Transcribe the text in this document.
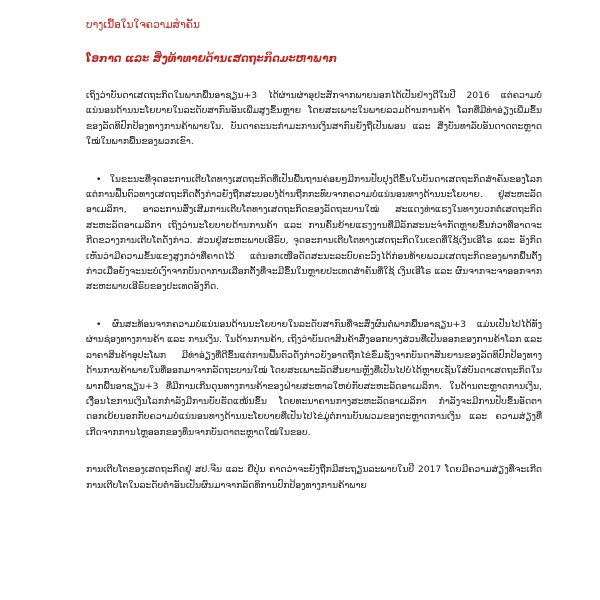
ບາງເນື້ອໃນໃຈຄວາມສຳຄັນ
ໂອກາດ ແລະ ສິ່ງທ້າທາຍດ້ານເສດຖະກິດມະຫາພາກ

ເຖິງວ່າບັນດາເສດຖະກິດໃນພາກພື້ນອາຊຽນ+3 ໄດ້ຜ່ານຜ່າອຸປະສັກຈາກພາຍນອກໄດ້ເປັນຢ່າງດີໃນປີ 2016 ແຕ່ຄວາມບໍ່ແນ່ນອນດ້ານນະໂຍບາຍໃນລະດັບສາກົນອັນເພີ່ມສູງຂຶ້ນຫຼາຍ ໂດຍສະເພາະໃນພາຍລວມດ້ານການຄ້າ ໂລກທີ່ມີທ່າອ່ຽງເພີ່ມຂຶ້ນຂອງລັດທິປົກປ້ອງທາງການຄ້າພາຍໃນ. ບັນດາຄະນະກຳມະການເງິນສາກົນຍັງຖືເປັນພອນ ແລະ ສິ່ງບັນທາລັບອັນດາດຕະຫຼາດໃໝ່ໃນພາກພື້ນຂອງພວກເຂົາ.

• ໃນຂະນະທີ່ຈຸດອະການເຕີບໂຕທາງເສດຖະກິດທີ່ເປັນພື້ນຖານຄ່ອຍໆມີການປັບປຸງດີຂຶ້ນໃນບັນດາເສດຖະກິດສຳຄັນຂອງໂລກແຕ່ການຟື້ນຕົວທາງເສດຖະກິດຕັ້ງກ່າວຍັງຖືກສະບອບງໍ່ດ້ານຖືກກະທົບຈາກຄວາມບໍ່ແນ່ນອນທາງດ້ານນະໂຍບາຍ. ຢູ່ສະຫະລັດອາເມລິກາ, ອາລະການສົ່ງເສີມການເຕີບໂຕທາງເສດຖະກິດຂອງລັດຖະບານໃໝ່ ສະແດງທ່າແຮງໃນທາງບວກຕໍ່ເສດຖະກິດສະຫະລັດອາເມລິກາ ເຖິງວ່ານະໂຍບາຍດ້ານການຄ້າ ແລະ ການຄົ້ນຍ້າຍແຮງງານທີ່ມີລັກສະນະຈຳກັດຫຼາຍຂຶ້ນກ່ວາທີ່ອາດຈະກີດຂວາງການເຕີບໂຕດັ່ງກ່າວ. ສ່ວນຢູ່ສະຫະພາບເອີຣົບ, ຈຸດອະການເຕີບໂຕທາງເສດຖະກິດໃນເຂດທີ່ໃຊ້ເງິນເອີໂຣ ແລະ ອັງກິດ ເຫັນວ່າມີຄວາມຂັ້ນແຂງສູງກວ່າທີ່ຄາດໄວ້ ແຕ່ນອກເໜືອດັດສະນະລະບົບຄະວົງໄດ້ກ່ອນທ້າຍພວມເສດຖະກິດຂອງພາກພື້ນຕັ້ງກ່າວເມື່ອຍັງຈະນະບໍເງົາຈາກບັນດາການເລືອກຕັ້ງທີ່ຈະມີຂຶ້ນໃນຫຼາຍປະເທດສຳຄັນທີ່ໃຊ້ ເງິນເອີໂຣ ແລະ ຜົນຈາກຈະຈາອອກຈາກສະຫະພາບເອີຣົບຂອງປະເທດອັງກິດ.

• ຜົນສະທ້ອນຈາກຄວາມບໍ່ແນ່ນອນດ້ານນະໂຍບາຍໃນລະດັບສາກົນທີ່ຈະສົ່ງຜົນຕໍ່ພາກພື້ນອາຊຽນ+3 ແມ່ນເປັນໄປໄດ້ທັງຜ່ານຊ່ອງທາງການຄ້າ ແລະ ການເງິນ. ໃນດ້ານການຄ້າ, ເຖິງວ່າບັນດາສິນຄ້າສົ່ງອອກບາງສ່ວນທີ່ເປັນອອກຂອງການຄ້າໂລກ ແລະ ລາຄາສິນຄ້າອຸປະໂພກ ມີທ່າອ່ຽງທີ່ດີຂຶ້ນແຕ່ການຟື້ນຕົວດັ່ງກ່າວຍັງອາດຖືກໄຂ່ຂົ່ມຊັ່ງຈາກບັນດາສັນຍານຂອງລັດທິປົກປ້ອງທາງດ້ານການຄ້າພາຍໃນທີ່ອອກມາຈາກລັດຖະບານໃໝ່ ໂດຍສະເພາະລັດສີນຍານຫຼັງທີ່ເປັນໄປບໍ່ໄດ້ຫຼາຍເຊັ່ນໃສ່ບັນດາເສດຖະກິດໃນພາກພື້ນອາຊຽນ+3 ທີ່ມີການເກີນດຸນທາງການຄ້າຂອງຝ່າຍສະຫາລໃຫຍ່ກັບສະຫະລັດອາເມລິກາ. ໃນດ້ານຕະຫຼາດການເງິນ, ເງື່ອນໄຂການເງິນໂລກກຳລັງມີການບັບຮັດແໜ້ນຂຶ້ນ ໂດຍທະນາຄານກາງສະຫະລັດອາເມລິກາ ກຳລັງຈະມີການປັບຂຶ້ນອັດຕາດອກເບ້ຍນອກກັບຄວາມບໍ່ແນ່ນອນທາງດ້ານນະໂຍບາຍທີ່ເປັນໄປໄຂ່ມູ່ຕໍ່ການບັນພວມຂອງຕະຫຼາດການເງິນ ແລະ ຄວາມສ່ຽງທີ່ເກີດຈາກການໄຫຼອອກຂອງທຶນຈາກບັນດາຕະຫຼາດໃໝ່ໃນຂອບ.

ການເຕີບໂຕຂອງເສດຖະກິດຢູ່ ສປ.ຈີນ ແລະ ຍີ່ປຸ່ນ ຄາດວ່າຈະຍັງຖືກມີສະຖຽນລະພາບໃນປີ 2017 ໂດຍມີຄວາມສ່ຽງທີ່ຈະເກີດການເຕີບໂຕໃນລະດັບຕ່ຳອັນເປັນຜົນມາຈາກລັດທິການປົກປ້ອງທາງການຄ້າພາຍ
